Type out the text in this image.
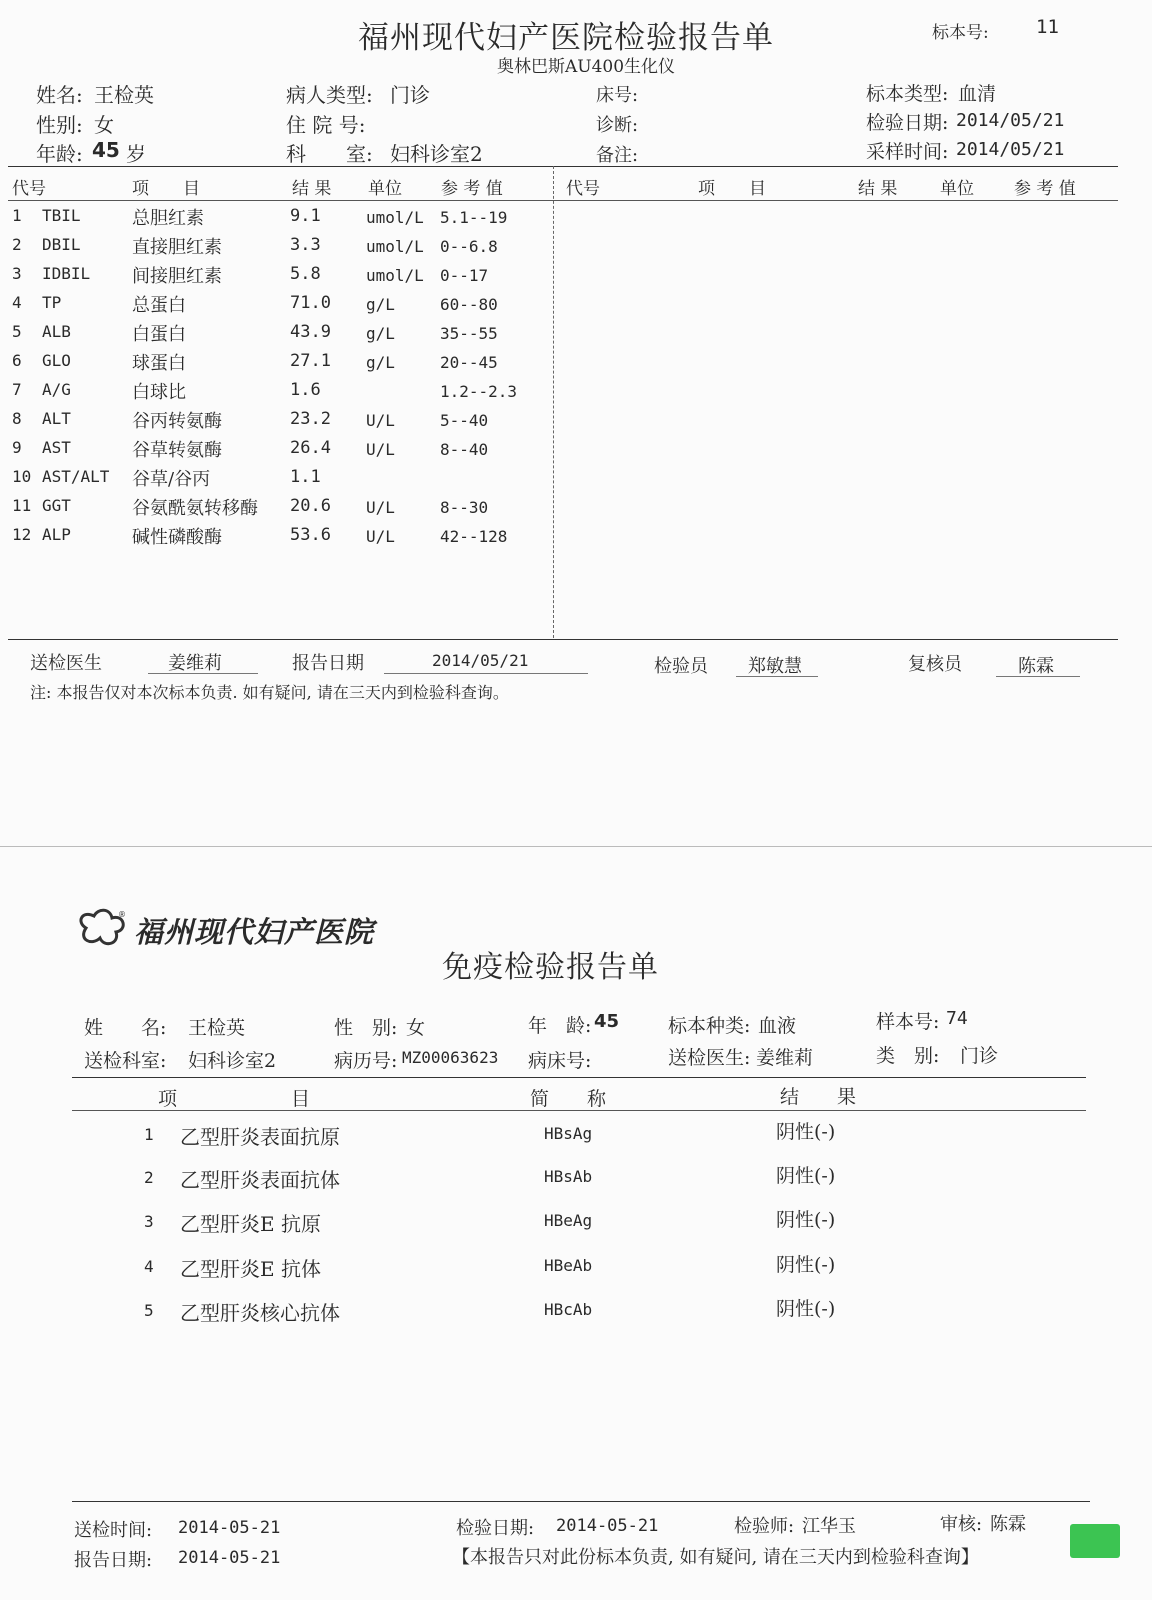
福州现代妇产医院检验报告单
奥林巴斯AU400生化仪
标本号: 11
姓名: 王检英
性别: 女
年龄: 45 岁
病人类型: 门诊
住 院 号:
科　　室: 妇科诊室2
床号:
诊断:
备注:
标本类型: 血清
检验日期: 2014/05/21
采样时间: 2014/05/21
代号	项　　目	结 果 单位 参 考 值	代号	项　　目	结 果	单位 参 考 值
1 TBIL	总胆红素	9.1	umol/L 5.1--19
2 DBIL	直接胆红素	3.3	umol/L 0--6.8
3 IDBIL 间接胆红素	5.8	umol/L 0--17
4 TP	总蛋白	71.0 g/L	60--80
5 ALB	白蛋白	43.9 g/L	35--55
6 GLO	球蛋白	27.1 g/L	20--45
7 A/G	白球比	1.6	1.2--2.3
8 ALT	谷丙转氨酶	23.2 U/L	5--40
9 AST	谷草转氨酶	26.4 U/L	8--40
10 AST/ALT 谷草/谷丙	1.1
11 GGT	谷氨酰氨转移酶 20.6 U/L	8--30
12 ALP	碱性磷酸酶	53.6 U/L	42--128
送检医生	姜维莉	报告日期	2014/05/21	检验员 郑敏慧	复核员	陈霖
注: 本报告仅对本次标本负责. 如有疑问, 请在三天内到检验科查询。
®
福州现代妇产医院
免疫检验报告单
姓　　名: 王检英	性　别: 女	年　龄: 45	标本种类: 血液	样本号: 74
送检科室: 妇科诊室2	病历号: MZ00063623 病床号:	送检医生: 姜维莉	类　别: 门诊
项　　　　　　目	简　　称	结　　果
1 乙型肝炎表面抗原	HBsAg	阴性(-)
2 乙型肝炎表面抗体	HBsAb	阴性(-)
3 乙型肝炎E 抗原	HBeAg	阴性(-)
4 乙型肝炎E 抗体	HBeAb	阴性(-)
5 乙型肝炎核心抗体	HBcAb	阴性(-)
送检时间: 2014-05-21	检验日期: 2014-05-21	检验师: 江华玉	审核: 陈霖
报告日期: 2014-05-21	【本报告只对此份标本负责, 如有疑问, 请在三天内到检验科查询】
